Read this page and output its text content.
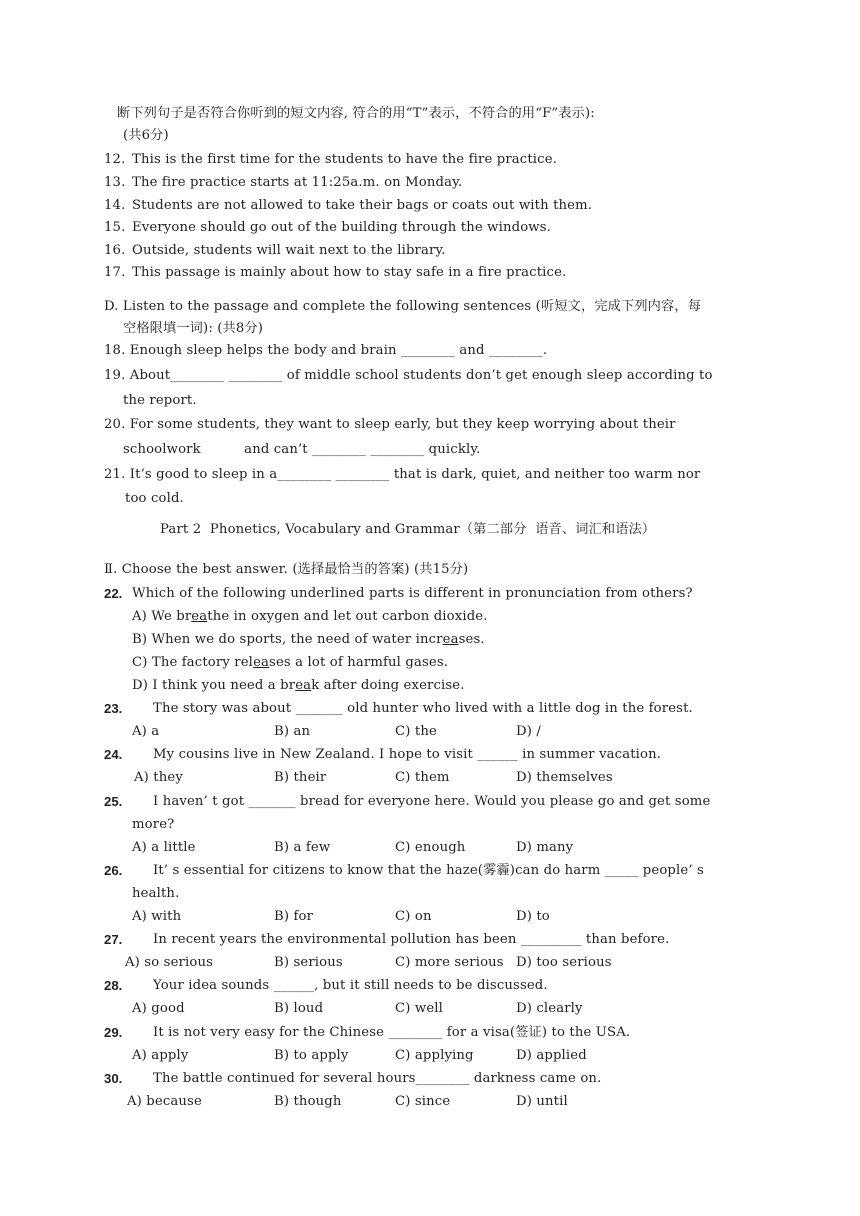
断下列句子是否符合你听到的短文内容, 符合的用“T”表示，不符合的用“F”表示):
(共6分)
12. This is the first time for the students to have the fire practice.
13. The fire practice starts at 11:25a.m. on Monday.
14. Students are not allowed to take their bags or coats out with them.
15. Everyone should go out of the building through the windows.
16. Outside, students will wait next to the library.
17. This passage is mainly about how to stay safe in a fire practice.
D. Listen to the passage and complete the following sentences (听短文，完成下列内容，每
空格限填一词): (共8分)
18. Enough sleep helps the body and brain ________ and ________.
19. About________ ________ of middle school students don’t get enough sleep according to
the report.
20. For some students, they want to sleep early, but they keep worrying about their
schoolwork          and can’t ________ ________ quickly.
21. It’s good to sleep in a________ ________ that is dark, quiet, and neither too warm nor
too cold.
Part 2  Phonetics, Vocabulary and Grammar（第二部分  语音、词汇和语法）
Ⅱ. Choose the best answer. (选择最恰当的答案) (共15分)
22. Which of the following underlined parts is different in pronunciation from others?
A) We breathe in oxygen and let out carbon dioxide.
B) When we do sports, the need of water increases.
C) The factory releases a lot of harmful gases.
D) I think you need a break after doing exercise.
23. The story was about _______ old hunter who lived with a little dog in the forest.
A) a	B) an	C) the	D) /
24. My cousins live in New Zealand. I hope to visit ______ in summer vacation.
A) they	B) their	C) them	D) themselves
25. I haven’ t got _______ bread for everyone here. Would you please go and get some
more?
A) a little	B) a few	C) enough	D) many
26. It’ s essential for citizens to know that the haze(雾霾)can do harm _____ people’ s
health.
A) with	B) for	C) on	D) to
27. In recent years the environmental pollution has been _________ than before.
A) so serious	B) serious	C) more serious D) too serious
28. Your idea sounds ______, but it still needs to be discussed.
A) good	B) loud	C) well	D) clearly
29. It is not very easy for the Chinese ________ for a visa(签证) to the USA.
A) apply	B) to apply	C) applying	D) applied
30. The battle continued for several hours________ darkness came on.
A) because	B) though	C) since	D) until
